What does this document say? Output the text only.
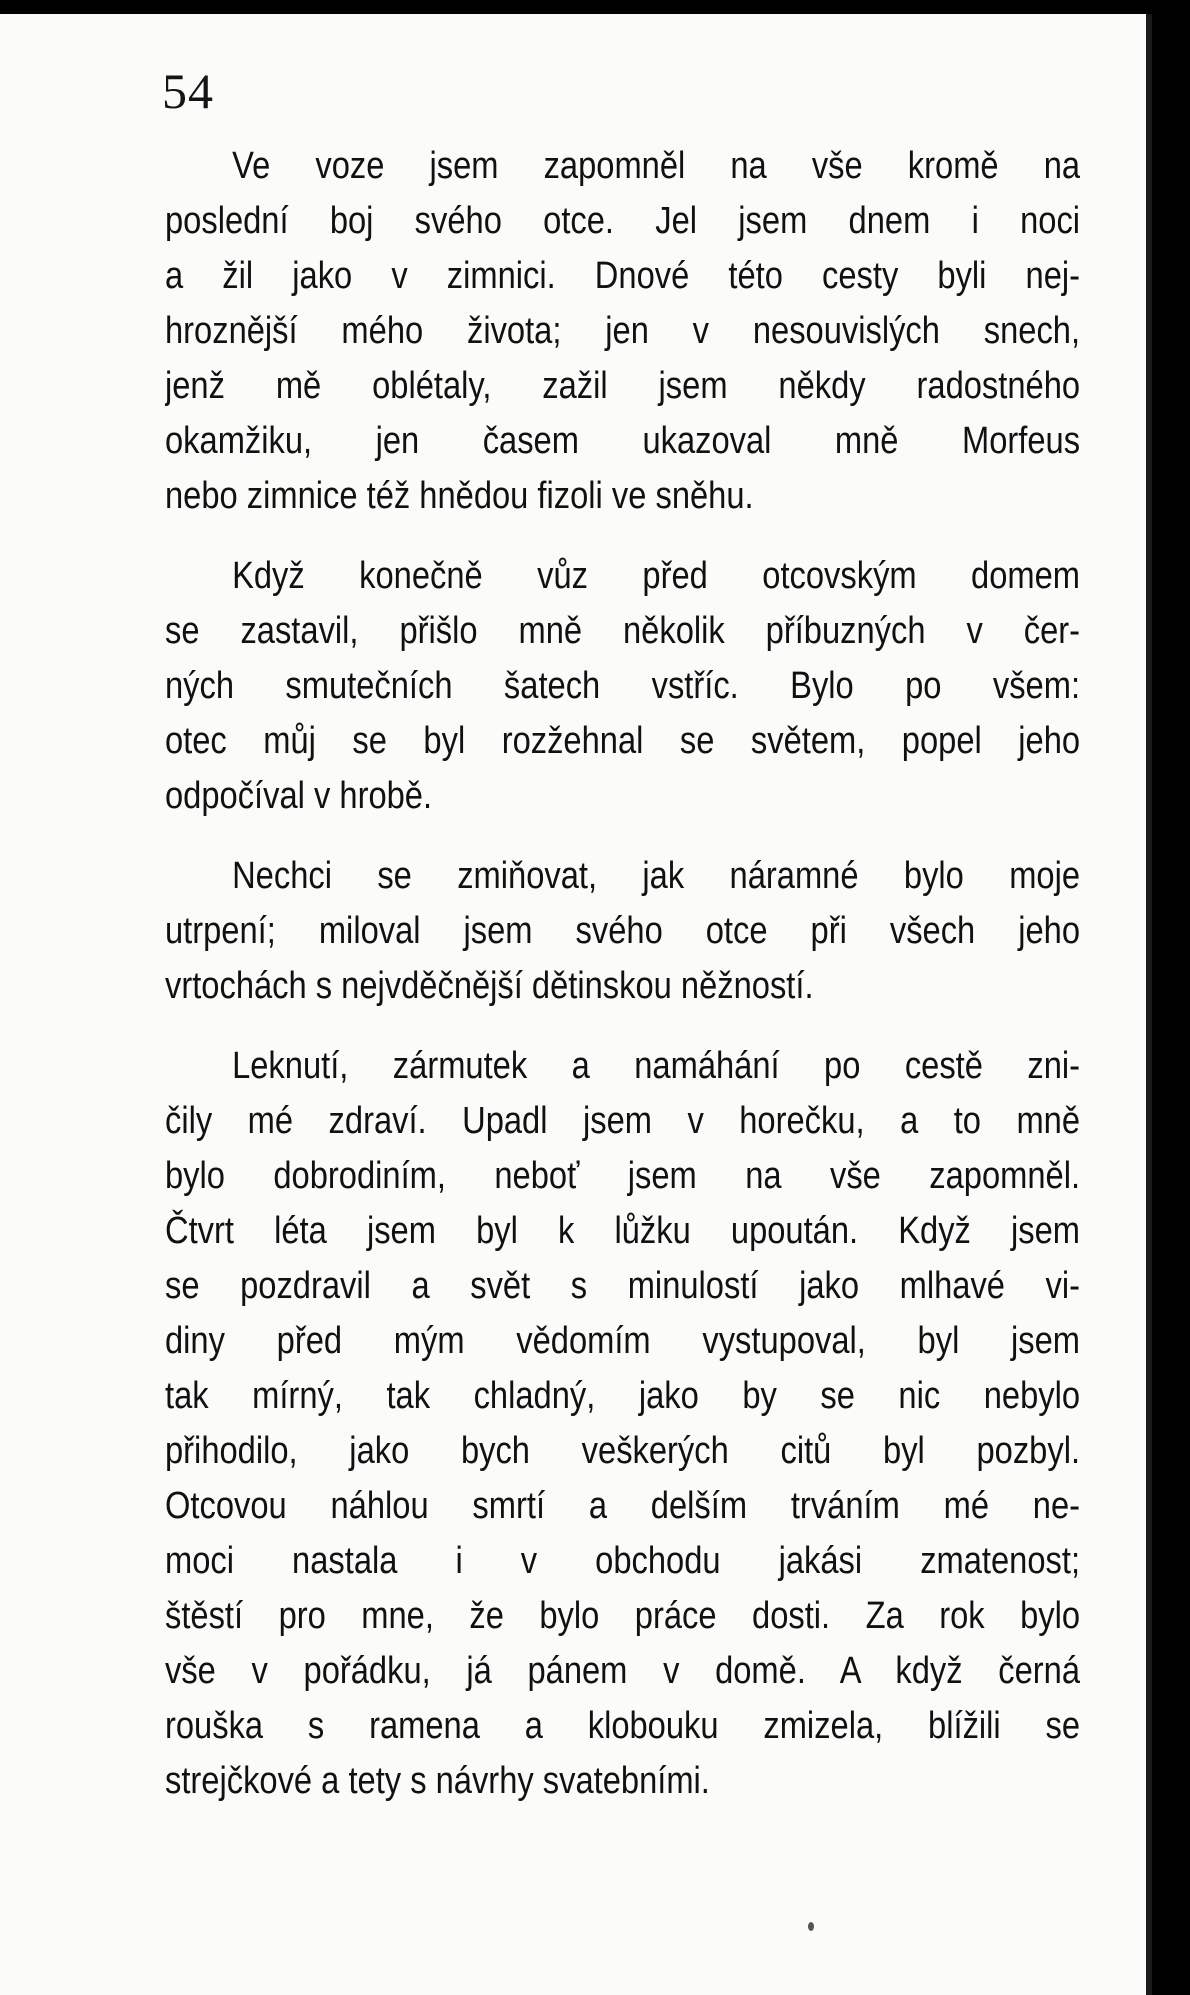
54

Ve voze jsem zapomněl na vše kromě na
poslední boj svého otce. Jel jsem dnem i noci
a žil jako v zimnici. Dnové této cesty byli nej-
hroznější mého života; jen v nesouvislých snech,
jenž mě oblétaly, zažil jsem někdy radostného
okamžiku, jen časem ukazoval mně Morfeus
nebo zimnice též hnědou fizoli ve sněhu.
Když konečně vůz před otcovským domem
se zastavil, přišlo mně několik příbuzných v čer-
ných smutečních šatech vstříc. Bylo po všem:
otec můj se byl rozžehnal se světem, popel jeho
odpočíval v hrobě.
Nechci se zmiňovat, jak náramné bylo moje
utrpení; miloval jsem svého otce při všech jeho
vrtochách s nejvděčnější dětinskou něžností.
Leknutí, zármutek a namáhání po cestě zni-
čily mé zdraví. Upadl jsem v horečku, a to mně
bylo dobrodiním, neboť jsem na vše zapomněl.
Čtvrt léta jsem byl k lůžku upoután. Když jsem
se pozdravil a svět s minulostí jako mlhavé vi-
diny před mým vědomím vystupoval, byl jsem
tak mírný, tak chladný, jako by se nic nebylo
přihodilo, jako bych veškerých citů byl pozbyl.
Otcovou náhlou smrtí a delším trváním mé ne-
moci nastala i v obchodu jakási zmatenost;
štěstí pro mne, že bylo práce dosti. Za rok bylo
vše v pořádku, já pánem v domě. A když černá
rouška s ramena a klobouku zmizela, blížili se
strejčkové a tety s návrhy svatebními.
